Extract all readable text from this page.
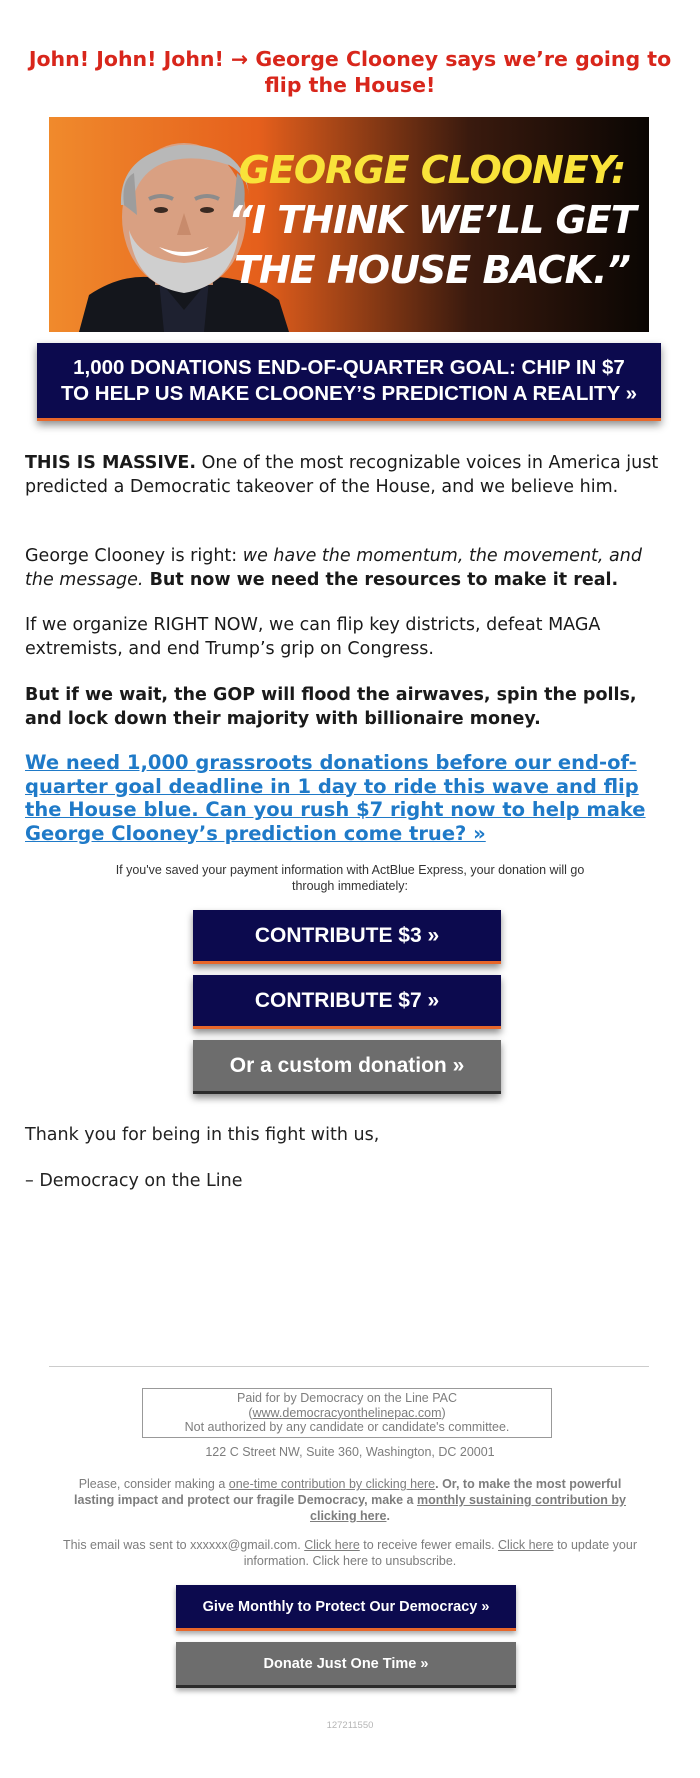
John! John! John! → George Clooney says we’re going to flip the House!
GEORGE CLOONEY:
“I THINK WE’LL GET
THE HOUSE BACK.”
1,000 DONATIONS END-OF-QUARTER GOAL: CHIP IN $7 TO HELP US MAKE CLOONEY’S PREDICTION A REALITY »
THIS IS MASSIVE. One of the most recognizable voices in America just predicted a Democratic takeover of the House, and we believe him.
George Clooney is right: we have the momentum, the movement, and the message. But now we need the resources to make it real.
If we organize RIGHT NOW, we can flip key districts, defeat MAGA extremists, and end Trump’s grip on Congress.
But if we wait, the GOP will flood the airwaves, spin the polls, and lock down their majority with billionaire money.
We need 1,000 grassroots donations before our end-of-quarter goal deadline in 1 day to ride this wave and flip the House blue. Can you rush $7 right now to help make George Clooney’s prediction come true? »
If you've saved your payment information with ActBlue Express, your donation will go through immediately:
CONTRIBUTE $3 »
CONTRIBUTE $7 »
Or a custom donation »
Thank you for being in this fight with us,
– Democracy on the Line
Paid for by Democracy on the Line PAC
(www.democracyonthelinepac.com)
Not authorized by any candidate or candidate's committee.
122 C Street NW, Suite 360, Washington, DC 20001
Please, consider making a one-time contribution by clicking here. Or, to make the most powerful lasting impact and protect our fragile Democracy, make a monthly sustaining contribution by clicking here.
This email was sent to xxxxxx@gmail.com. Click here to receive fewer emails. Click here to update your information. Click here to unsubscribe.
Give Monthly to Protect Our Democracy »
Donate Just One Time »
127211550
